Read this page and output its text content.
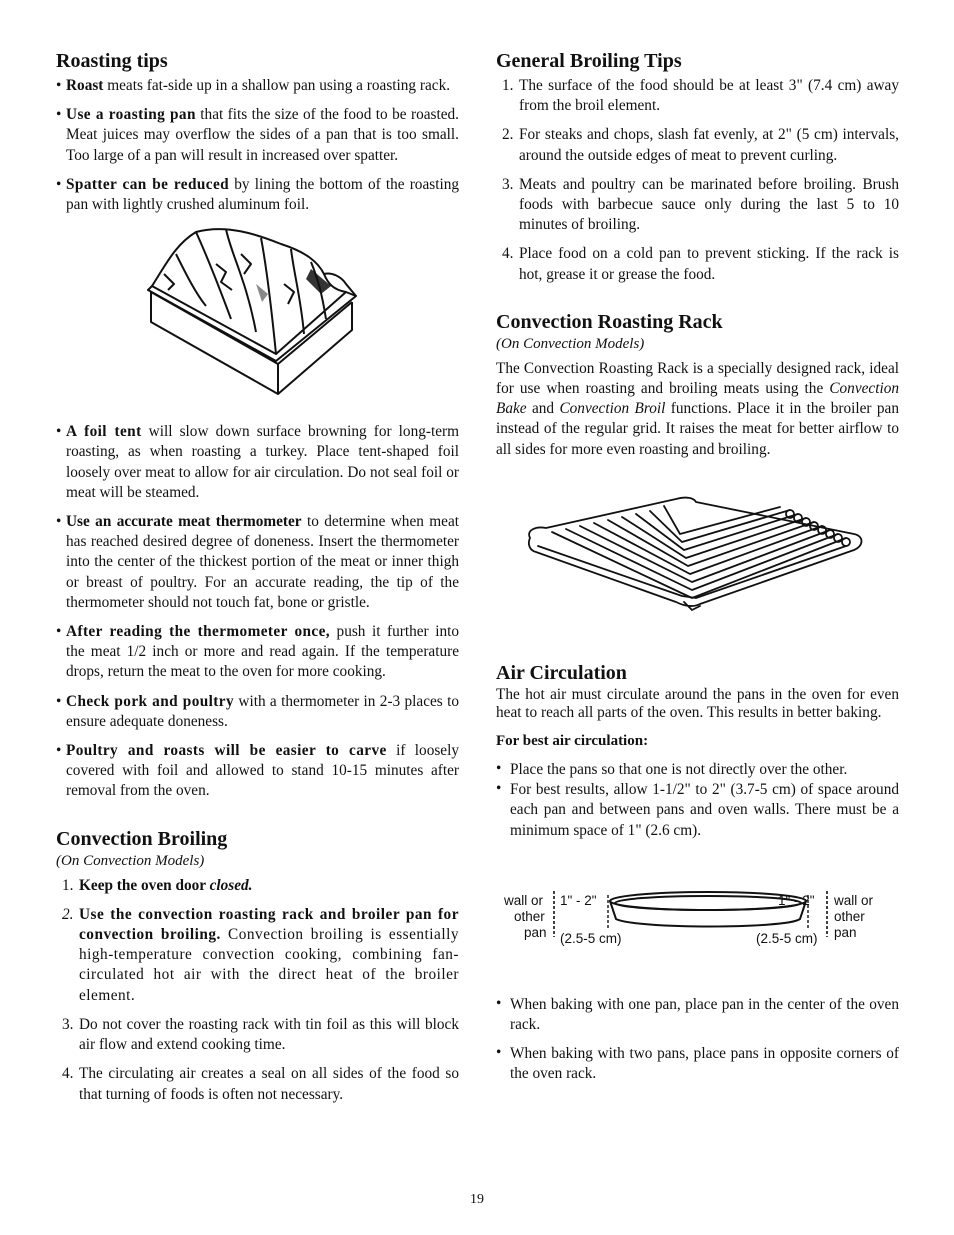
Roasting tips
• Roast meats fat-side up in a shallow pan using a roasting rack.

• Use a roasting pan that fits the size of the food to be roasted. Meat juices may overflow the sides of a pan that is too small. Too large of a pan will result in increased over spatter.

• Spatter can be reduced by lining the bottom of the roasting pan with lightly crushed aluminum foil.

• A foil tent will slow down surface browning for long-term roasting, as when roasting a turkey. Place tent-shaped foil loosely over meat to allow for air circulation. Do not seal foil or meat will be steamed.

• Use an accurate meat thermometer to determine when meat has reached desired degree of doneness. Insert the thermometer into the center of the thickest portion of the meat or inner thigh or breast of poultry. For an accurate reading, the tip of the thermometer should not touch fat, bone or gristle.

• After reading the thermometer once, push it further into the meat 1/2 inch or more and read again. If the temperature drops, return the meat to the oven for more cooking.

• Check pork and poultry with a thermometer in 2-3 places to ensure adequate doneness.

• Poultry and roasts will be easier to carve if loosely covered with foil and allowed to stand 10-15 minutes after removal from the oven.

Convection Broiling

(On Convection Models)

1. Keep the oven door closed.

2. Use the convection roasting rack and broiler pan for convection broiling. Convection broiling is essentially high-temperature convection cooking, combining fan-circulated hot air with the direct heat of the broiler element.

3. Do not cover the roasting rack with tin foil as this will block air flow and extend cooking time.

4. The circulating air creates a seal on all sides of the food so that turning of foods is often not necessary.

General Broiling Tips
1. The surface of the food should be at least 3" (7.4 cm) away from the broil element.

2. For steaks and chops, slash fat evenly, at 2" (5 cm) intervals, around the outside edges of meat to prevent curling.

3. Meats and poultry can be marinated before broiling. Brush foods with barbecue sauce only during the last 5 to 10 minutes of broiling.

4. Place food on a cold pan to prevent sticking. If the rack is hot, grease it or grease the food.

Convection Roasting Rack

(On Convection Models)

The Convection Roasting Rack is a specially designed rack, ideal for use when roasting and broiling meats using the Convection Bake and Convection Broil functions. Place it in the broiler pan instead of the regular grid. It raises the meat for better airflow to all sides for more even roasting and broiling.

Air Circulation

The hot air must circulate around the pans in the oven for even heat to reach all parts of the oven. This results in better baking.

For best air circulation:

• Place the pans so that one is not directly over the other.

• For best results, allow 1-1/2" to 2" (3.7-5 cm) of space around each pan and between pans and oven walls. There must be a minimum space of 1" (2.6 cm).

wall or
other
pan
1" - 2"
(2.5-5 cm)
1" - 2"
(2.5-5 cm)
wall or
other
pan
• When baking with one pan, place pan in the center of the oven rack.

• When baking with two pans, place pans in opposite corners of the oven rack.

19
